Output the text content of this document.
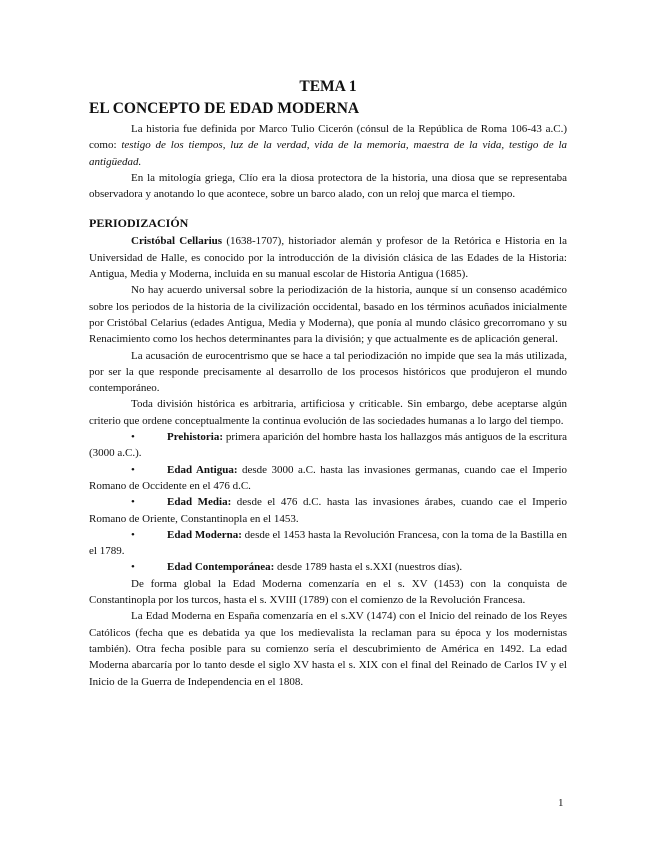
TEMA 1
EL CONCEPTO DE EDAD MODERNA

La historia fue definida por Marco Tulio Cicerón (cónsul de la República de Roma 106-43 a.C.) como: testigo de los tiempos, luz de la verdad, vida de la memoria, maestra de la vida, testigo de la antigüedad.

En la mitología griega, Clío era la diosa protectora de la historia, una diosa que se representaba observadora y anotando lo que acontece, sobre un barco alado, con un reloj que marca el tiempo.

PERIODIZACIÓN

Cristóbal Cellarius (1638-1707), historiador alemán y profesor de la Retórica e Historia en la Universidad de Halle, es conocido por la introducción de la división clásica de las Edades de la Historia: Antigua, Media y Moderna, incluida en su manual escolar de Historia Antigua (1685).

No hay acuerdo universal sobre la periodización de la historia, aunque sí un consenso académico sobre los periodos de la historia de la civilización occidental, basado en los términos acuñados inicialmente por Cristóbal Celarius (edades Antigua, Media y Moderna), que ponía al mundo clásico grecorromano y su Renacimiento como los hechos determinantes para la división; y que actualmente es de aplicación general.

La acusación de eurocentrismo que se hace a tal periodización no impide que sea la más utilizada, por ser la que responde precisamente al desarrollo de los procesos históricos que produjeron el mundo contemporáneo.

Toda división histórica es arbitraria, artificiosa y criticable. Sin embargo, debe aceptarse algún criterio que ordene conceptualmente la continua evolución de las sociedades humanas a lo largo del tiempo.

•	Prehistoria: primera aparición del hombre hasta los hallazgos más antiguos de la escritura (3000 a.C.).

•	Edad Antigua: desde 3000 a.C. hasta las invasiones germanas, cuando cae el Imperio Romano de Occidente en el 476 d.C.

•	Edad Media: desde el 476 d.C. hasta las invasiones árabes, cuando cae el Imperio Romano de Oriente, Constantinopla en el 1453.

•	Edad Moderna: desde el 1453 hasta la Revolución Francesa, con la toma de la Bastilla en el 1789.

•	Edad Contemporánea: desde 1789 hasta el s.XXI (nuestros días).

De forma global la Edad Moderna comenzaría en el s. XV (1453) con la conquista de Constantinopla por los turcos, hasta el s. XVIII (1789) con el comienzo de la Revolución Francesa.

La Edad Moderna en España comenzaría en el s.XV (1474) con el Inicio del reinado de los Reyes Católicos (fecha que es debatida ya que los medievalista la reclaman para su época y los modernistas también). Otra fecha posible para su comienzo sería el descubrimiento de América en 1492. La edad Moderna abarcaría por lo tanto desde el siglo XV hasta el s. XIX con el final del Reinado de Carlos IV y el Inicio de la Guerra de Independencia en el 1808.

1
